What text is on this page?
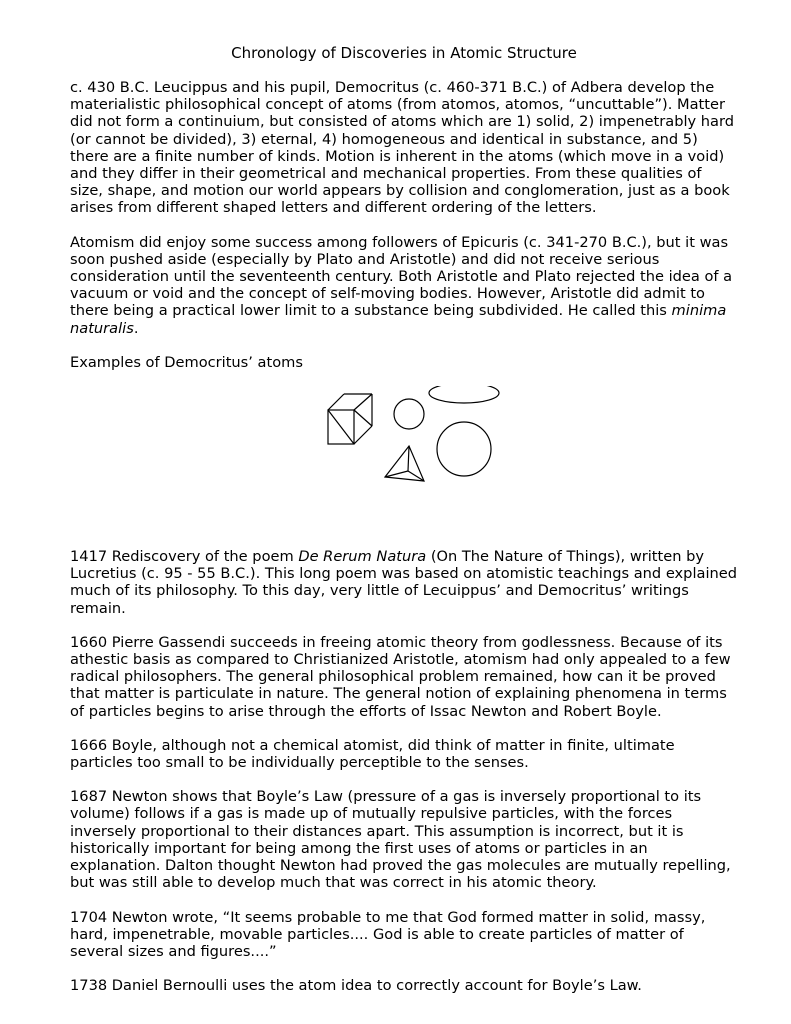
Chronology of Discoveries in Atomic Structure

c. 430 B.C. Leucippus and his pupil, Democritus (c. 460-371 B.C.) of Adbera develop the materialistic philosophical concept of atoms (from atomos, atomos, “uncuttable”). Matter did not form a continuium, but consisted of atoms which are 1) solid, 2) impenetrably hard (or cannot be divided), 3) eternal, 4) homogeneous and identical in substance, and 5) there are a finite number of kinds. Motion is inherent in the atoms (which move in a void) and they differ in their geometrical and mechanical properties. From these qualities of size, shape, and motion our world appears by collision and conglomeration, just as a book arises from different shaped letters and different ordering of the letters.

Atomism did enjoy some success among followers of Epicuris (c. 341-270 B.C.), but it was soon pushed aside (especially by Plato and Aristotle) and did not receive serious consideration until the seventeenth century. Both Aristotle and Plato rejected the idea of a vacuum or void and the concept of self-moving bodies. However, Aristotle did admit to there being a practical lower limit to a substance being subdivided. He called this minima naturalis.

Examples of Democritus’ atoms

1417 Rediscovery of the poem De Rerum Natura (On The Nature of Things), written by Lucretius (c. 95 - 55 B.C.). This long poem was based on atomistic teachings and explained much of its philosophy. To this day, very little of Lecuippus’ and Democritus’ writings remain.

1660 Pierre Gassendi succeeds in freeing atomic theory from godlessness. Because of its athestic basis as compared to Christianized Aristotle, atomism had only appealed to a few radical philosophers. The general philosophical problem remained, how can it be proved that matter is particulate in nature. The general notion of explaining phenomena in terms of particles begins to arise through the efforts of Issac Newton and Robert Boyle.

1666 Boyle, although not a chemical atomist, did think of matter in finite, ultimate particles too small to be individually perceptible to the senses.

1687 Newton shows that Boyle’s Law (pressure of a gas is inversely proportional to its volume) follows if a gas is made up of mutually repulsive particles, with the forces inversely proportional to their distances apart. This assumption is incorrect, but it is historically important for being among the first uses of atoms or particles in an explanation. Dalton thought Newton had proved the gas molecules are mutually repelling, but was still able to develop much that was correct in his atomic theory.

1704 Newton wrote, “It seems probable to me that God formed matter in solid, massy, hard, impenetrable, movable particles.... God is able to create particles of matter of several sizes and figures....”

1738 Daniel Bernoulli uses the atom idea to correctly account for Boyle’s Law.
